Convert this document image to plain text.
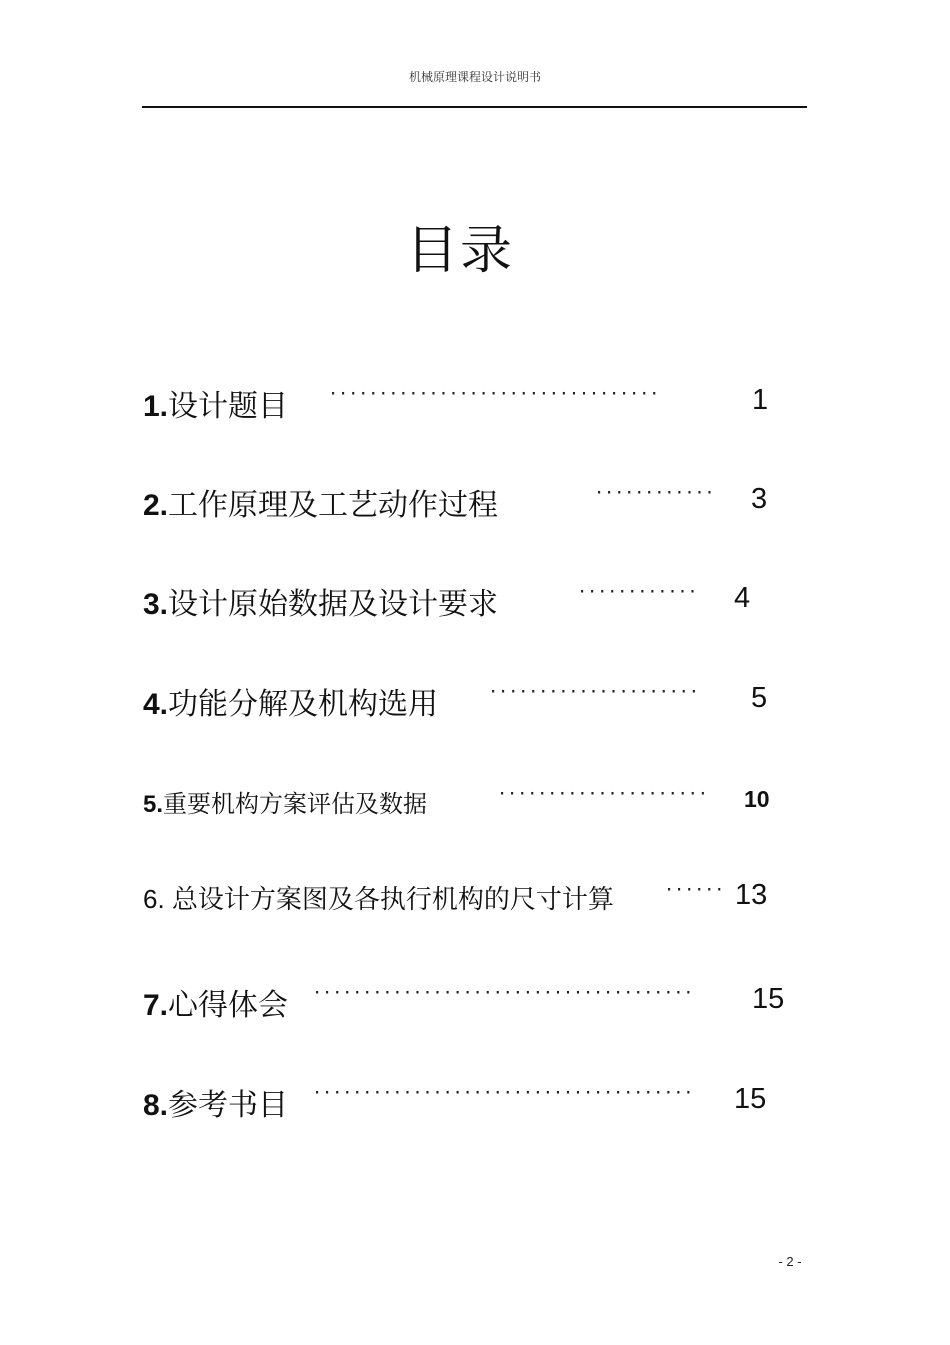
机械原理课程设计说明书
目录
1.设计题目 ·································	1
2.工作原理及工艺动作过程	············ 3
3.设计原始数据及设计要求	············ 4
4.功能分解及机构选用	····················· 5
5.重要机构方案评估及数据	····················· 10
6. 总设计方案图及各执行机构的尺寸计算	······ 13
7.心得体会 ······································ 15
8.参考书目 ······································ 15
- 2 -
